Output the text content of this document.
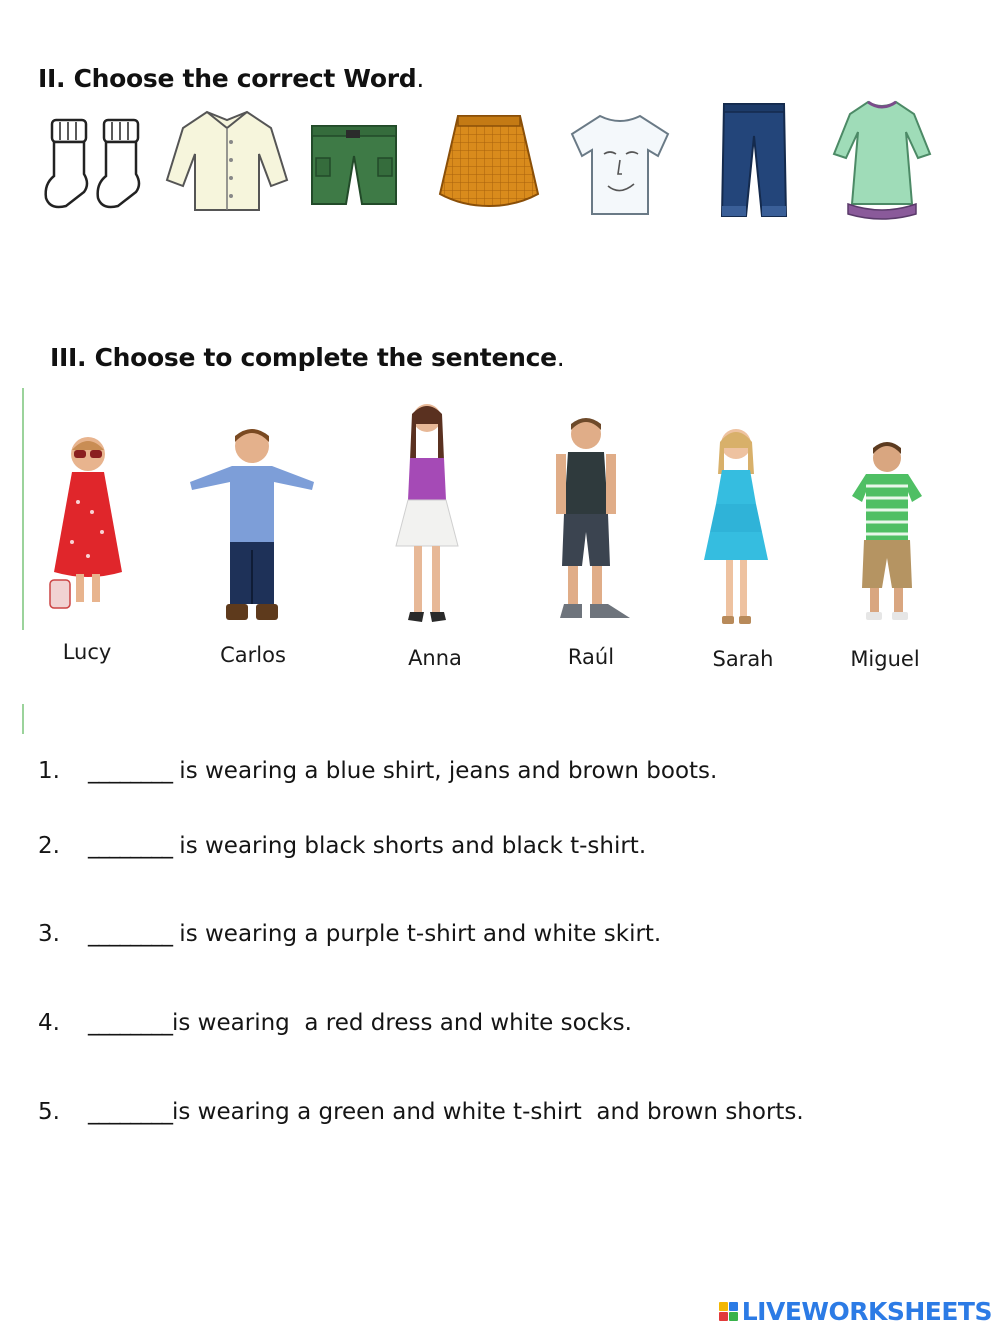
II. Choose the correct Word.
III. Choose to complete the sentence.
Lucy	Carlos	Anna	Raúl	Sarah	Miguel
1.	________ is wearing a blue shirt, jeans and brown boots.
2.	________ is wearing black shorts and black t-shirt.
3.	________ is wearing a purple t-shirt and white skirt.
4.	________ is wearing  a red dress and white socks.
5.	________ is wearing a green and white t-shirt  and brown shorts.
LIVEWORKSHEETS
